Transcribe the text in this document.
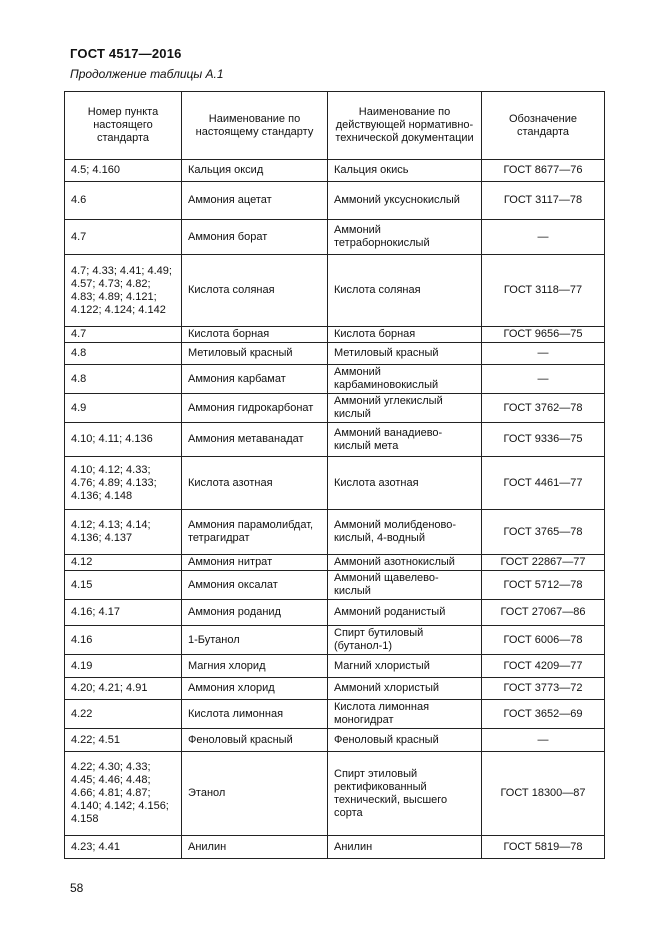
ГОСТ 4517—2016
Продолжение таблицы А.1
Номер пункта настоящего стандарта	Наименование по настоящему стандарту	Наименование по действующей нормативно-технической документации	Обозначение стандарта
4.5; 4.160	Кальция оксид	Кальция окись	ГОСТ 8677—76
4.6	Аммония ацетат	Аммоний уксуснокислый	ГОСТ 3117—78
4.7	Аммония борат	Аммоний тетраборнокислый	—
4.7; 4.33; 4.41; 4.49; 4.57; 4.73; 4.82; 4.83; 4.89; 4.121; 4.122; 4.124; 4.142	Кислота соляная	Кислота соляная	ГОСТ 3118—77
4.7	Кислота борная	Кислота борная	ГОСТ 9656—75
4.8	Метиловый красный	Метиловый красный	—
4.8	Аммония карбамат	Аммоний карбаминовокислый	—
4.9	Аммония гидрокарбонат	Аммоний углекислый кислый	ГОСТ 3762—78
4.10; 4.11; 4.136	Аммония метаванадат	Аммоний ванадиево-кислый мета	ГОСТ 9336—75
4.10; 4.12; 4.33; 4.76; 4.89; 4.133; 4.136; 4.148	Кислота азотная	Кислота азотная	ГОСТ 4461—77
4.12; 4.13; 4.14; 4.136; 4.137	Аммония парамолибдат, тетрагидрат	Аммоний молибденово-кислый, 4-водный	ГОСТ 3765—78
4.12	Аммония нитрат	Аммоний азотнокислый	ГОСТ 22867—77
4.15	Аммония оксалат	Аммоний щавелево-кислый	ГОСТ 5712—78
4.16; 4.17	Аммония роданид	Аммоний роданистый	ГОСТ 27067—86
4.16	1-Бутанол	Спирт бутиловый (бутанол-1)	ГОСТ 6006—78
4.19	Магния хлорид	Магний хлористый	ГОСТ 4209—77
4.20; 4.21; 4.91	Аммония хлорид	Аммоний хлористый	ГОСТ 3773—72
4.22	Кислота лимонная	Кислота лимонная моногидрат	ГОСТ 3652—69
4.22; 4.51	Феноловый красный	Феноловый красный	—
4.22; 4.30; 4.33; 4.45; 4.46; 4.48; 4.66; 4.81; 4.87; 4.140; 4.142; 4.156; 4.158	Этанол	Спирт этиловый ректификованный технический, высшего сорта	ГОСТ 18300—87
4.23; 4.41	Анилин	Анилин	ГОСТ 5819—78
58
